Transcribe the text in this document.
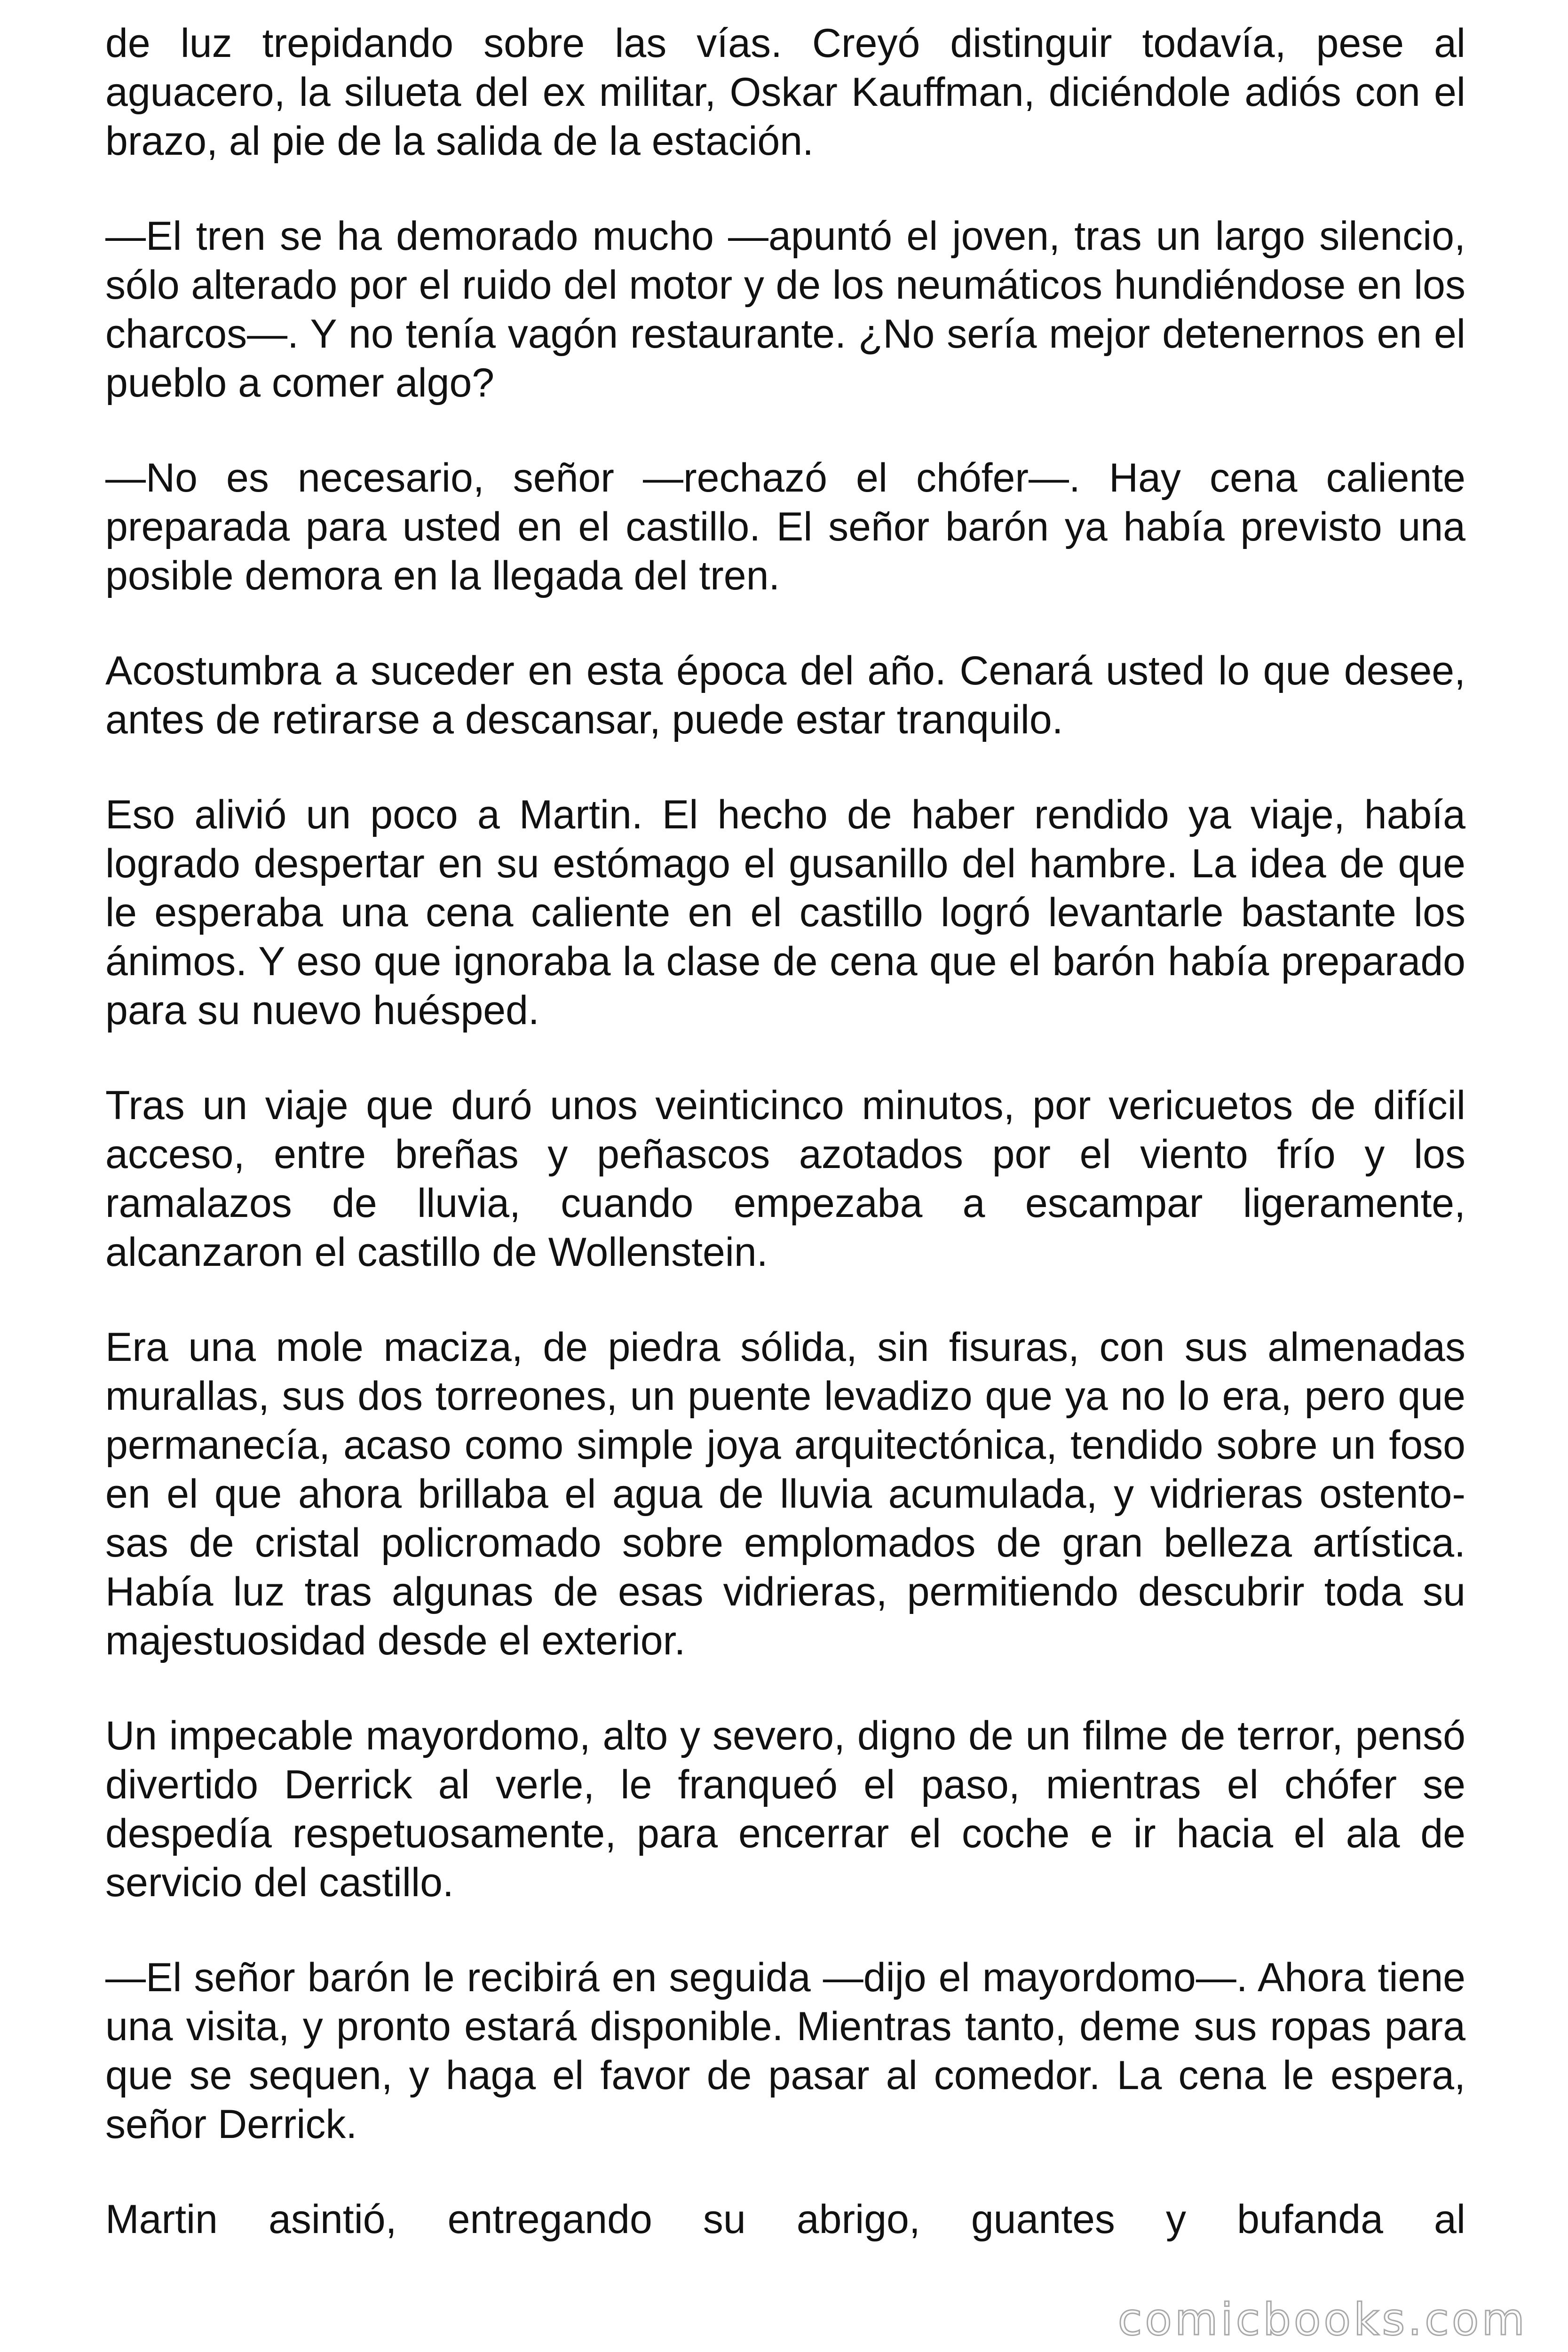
de luz trepidando sobre las vías. Creyó distinguir todavía, pese al aguacero, la silueta del ex militar, Oskar Kauffman, diciéndole adiós con el brazo, al pie de la salida de la estación.

—El tren se ha demorado mucho —apuntó el joven, tras un largo silencio, sólo alterado por el ruido del motor y de los neumáticos hundiéndose en los charcos—. Y no tenía vagón restaurante. ¿No sería mejor detenernos en el pueblo a comer algo?

—No es necesario, señor —rechazó el chófer—. Hay cena caliente preparada para usted en el castillo. El señor barón ya había previsto una posible demora en la llegada del tren.

Acostumbra a suceder en esta época del año. Cenará usted lo que desee, antes de retirarse a descansar, puede estar tranquilo.

Eso alivió un poco a Martin. El hecho de haber rendido ya viaje, había logrado despertar en su estómago el gusanillo del hambre. La idea de que le esperaba una cena caliente en el castillo logró levantarle bastante los ánimos. Y eso que ignoraba la clase de cena que el barón había preparado para su nuevo huésped.

Tras un viaje que duró unos veinticinco minutos, por vericuetos de difícil acceso, entre breñas y peñascos azotados por el viento frío y los ramalazos de lluvia, cuando empezaba a escampar ligeramente, alcanzaron el castillo de Wollenstein.

Era una mole maciza, de piedra sólida, sin fisuras, con sus almenadas murallas, sus dos torreones, un puente levadizo que ya no lo era, pero que permanecía, acaso como simple joya arquitectónica, tendido sobre un foso en el que ahora brillaba el agua de lluvia acumulada, y vidrieras ostento-sas de cristal policromado sobre emplomados de gran belleza artística. Había luz tras algunas de esas vidrieras, permitiendo descubrir toda su majestuosidad desde el exterior.

Un impecable mayordomo, alto y severo, digno de un filme de terror, pensó divertido Derrick al verle, le franqueó el paso, mientras el chófer se despedía respetuosamente, para encerrar el coche e ir hacia el ala de servicio del castillo.

—El señor barón le recibirá en seguida —dijo el mayordomo—. Ahora tiene una visita, y pronto estará disponible. Mientras tanto, deme sus ropas para que se sequen, y haga el favor de pasar al comedor. La cena le espera, señor Derrick.

Martin asintió, entregando su abrigo, guantes y bufanda al

comicbooks.com
